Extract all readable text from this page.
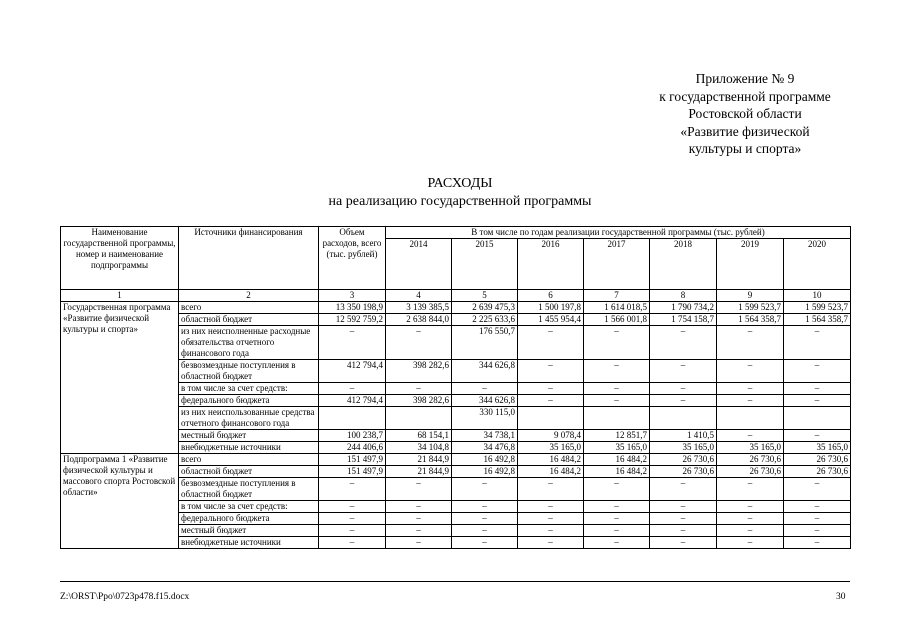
Приложение № 9
к государственной программе
Ростовской области
«Развитие физической
культуры и спорта»
РАСХОДЫ
на реализацию государственной программы
Наименование государственной программы, номер и наименование подпрограммы	Источники финансирования	Объем расходов, всего (тыс. рублей)	В том числе по годам реализации государственной программы (тыс. рублей)						
			2014	2015	2016	2017	2018	2019	2020
1	2	3	4	5	6	7	8	9	10
Государственная программа «Развитие физической культуры и спорта»	всего	13 350 198,9	3 139 385,5	2 639 475,3	1 500 197,8	1 614 018,5	1 790 734,2	1 599 523,7	1 599 523,7
	областной бюджет	12 592 759,2	2 638 844,0	2 225 633,6	1 455 954,4	1 566 001,8	1 754 158,7	1 564 358,7	1 564 358,7
	из них неисполненные расходные обязательства отчетного финансового года	–	–	176 550,7	–	–	–	–	–
	безвозмездные поступления в областной бюджет	412 794,4	398 282,6	344 626,8	–	–	–	–	–
	в том числе за счет средств:	–	–	–	–	–	–	–	–
	федерального бюджета	412 794,4	398 282,6	344 626,8	–	–	–	–	–
	из них неиспользованные средства отчетного финансового года			330 115,0					
	местный бюджет	100 238,7	68 154,1	34 738,1	9 078,4	12 851,7	1 410,5	–	–
	внебюджетные источники	244 406,6	34 104,8	34 476,8	35 165,0	35 165,0	35 165,0	35 165,0	35 165,0
Подпрограмма 1 «Развитие физической культуры и массового спорта Ростовской области»	всего	151 497,9	21 844,9	16 492,8	16 484,2	16 484,2	26 730,6	26 730,6	26 730,6
	областной бюджет	151 497,9	21 844,9	16 492,8	16 484,2	16 484,2	26 730,6	26 730,6	26 730,6
	безвозмездные поступления в областной бюджет	–	–	–	–	–	–	–	–
	в том числе за счет средств:	–	–	–	–	–	–	–	–
	федерального бюджета	–	–	–	–	–	–	–	–
	местный бюджет	–	–	–	–	–	–	–	–
	внебюджетные источники	–	–	–	–	–	–	–	–
Z:\ORST\Ppo\0723p478.f15.docx	30
